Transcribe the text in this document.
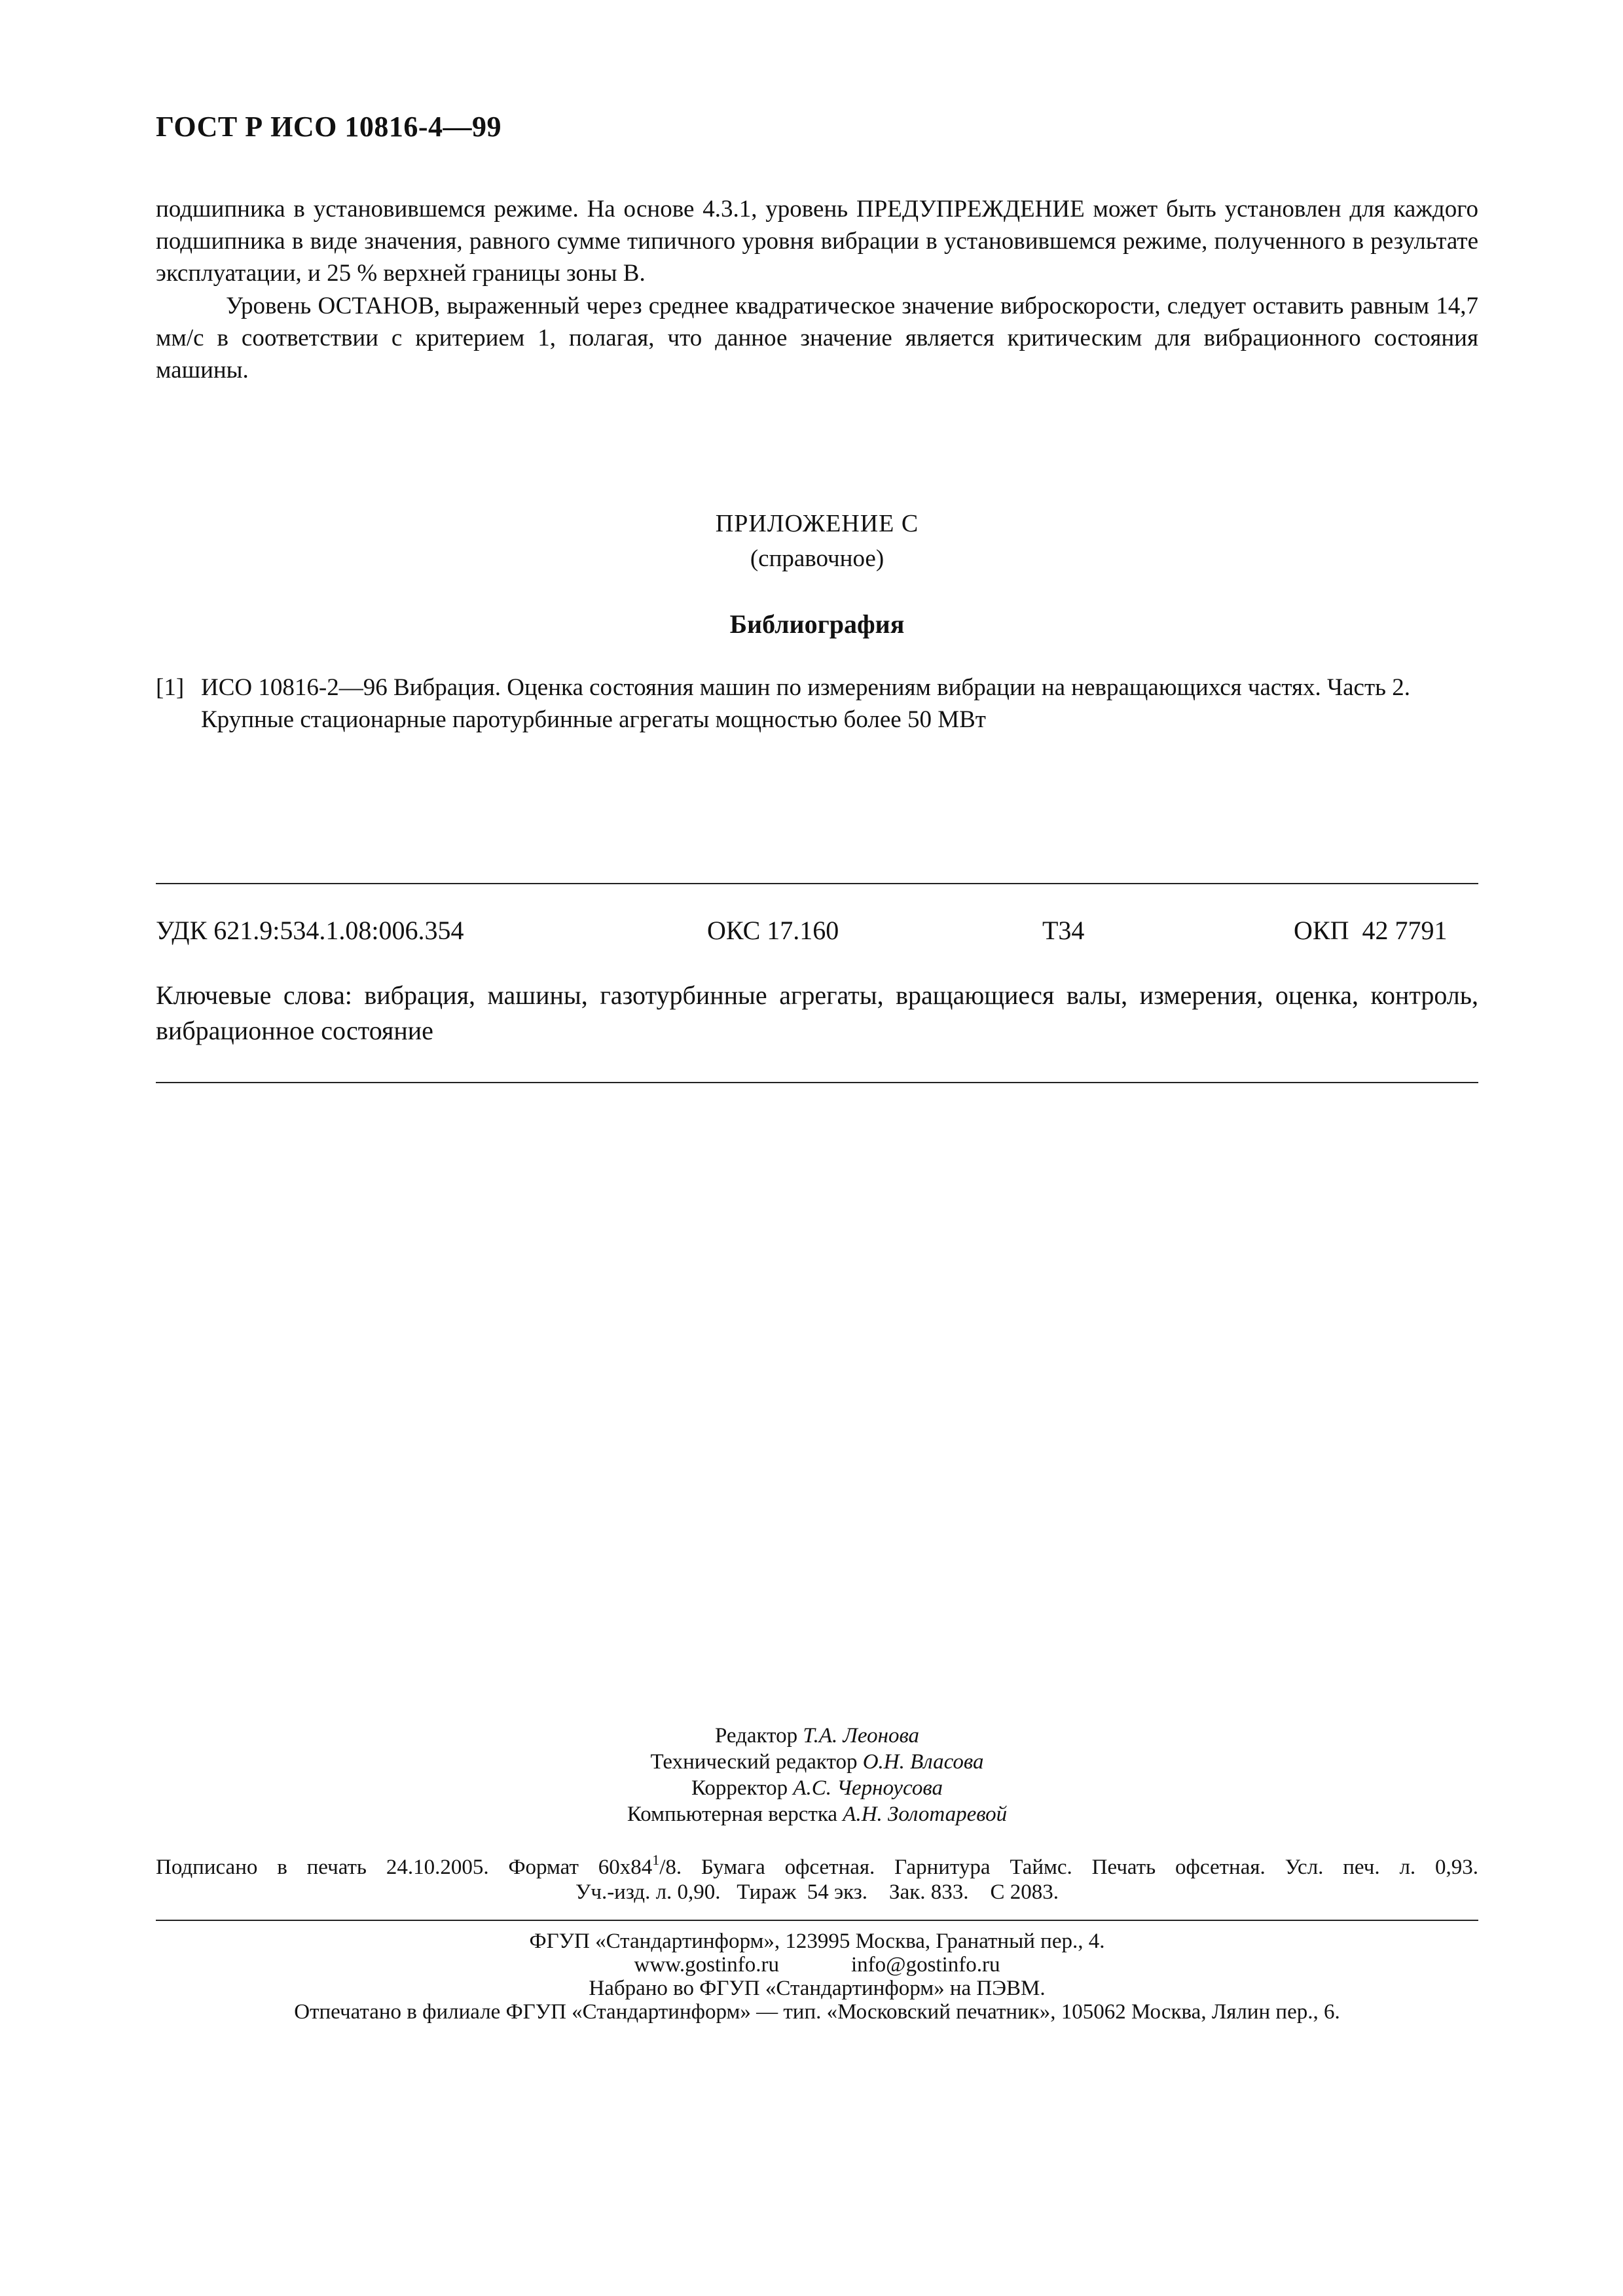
ГОСТ Р ИСО 10816-4—99

подшипника в установившемся режиме. На основе 4.3.1, уровень ПРЕДУПРЕЖДЕНИЕ может быть установлен для каждого подшипника в виде значения, равного сумме типичного уровня вибрации в установившемся режиме, полученного в результате эксплуатации, и 25 % верхней границы зоны В.

Уровень ОСТАНОВ, выраженный через среднее квадратическое значение виброскорости, следует оставить равным 14,7 мм/с в соответствии с критерием 1, полагая, что данное значение является критическим для вибрационного состояния машины.

ПРИЛОЖЕНИЕ С
(справочное)
Библиография
[1] ИСО 10816-2—96 Вибрация. Оценка состояния машин по измерениям вибрации на невращающихся частях. Часть 2. Крупные стационарные паротурбинные агрегаты мощностью более 50 МВт
УДК 621.9:534.1.08:006.354	ОКС 17.160	Т34	ОКП  42 7791

Ключевые слова: вибрация, машины, газотурбинные агрегаты, вращающиеся валы, измерения, оценка, контроль, вибрационное состояние

Редактор Т.А. Леонова
Технический редактор О.Н. Власова
Корректор А.С. Черноусова
Компьютерная верстка А.Н. Золотаревой
Подписано в печать 24.10.2005. Формат $60х84^1/8$. Бумага офсетная. Гарнитура Таймс. Печать офсетная. Усл. печ. л. 0,93.
Уч.-изд. л. 0,90.   Тираж  54 экз.    Зак. 833.    С 2083.
ФГУП «Стандартинформ», 123995 Москва, Гранатный пер., 4.
www.gostinfo.ru	info@gostinfo.ru
Набрано во ФГУП «Стандартинформ» на ПЭВМ.
Отпечатано в филиале ФГУП «Стандартинформ» — тип. «Московский печатник», 105062 Москва, Лялин пер., 6.
